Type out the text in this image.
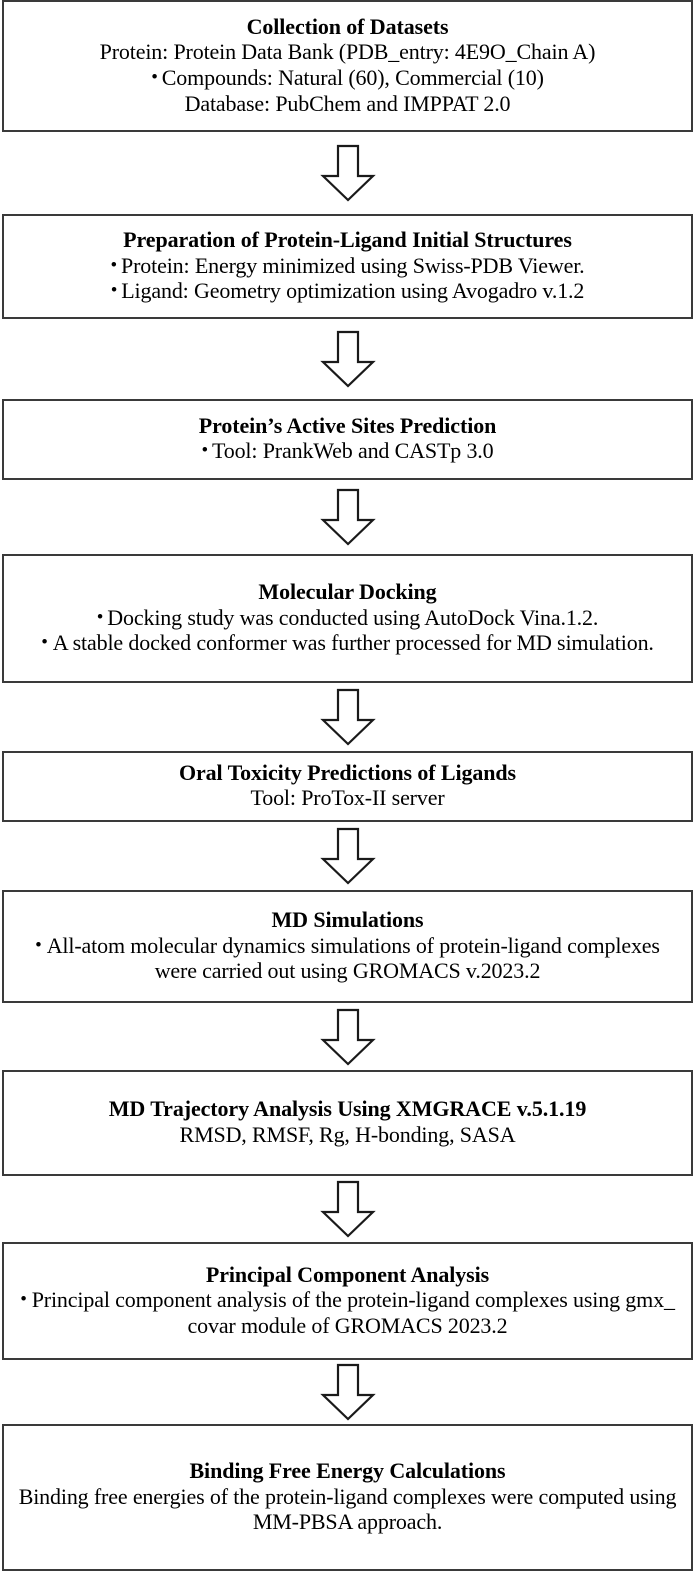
Collection of Datasets
Protein: Protein Data Bank (PDB_entry: 4E9O_Chain A)
• Compounds: Natural (60), Commercial (10)
Database: PubChem and IMPPAT 2.0
Preparation of Protein-Ligand Initial Structures
• Protein: Energy minimized using Swiss-PDB Viewer.
• Ligand: Geometry optimization using Avogadro v.1.2
Protein’s Active Sites Prediction
• Tool: PrankWeb and CASTp 3.0
Molecular Docking
• Docking study was conducted using AutoDock Vina.1.2.
• A stable docked conformer was further processed for MD simulation.
Oral Toxicity Predictions of Ligands
Tool: ProTox-II server
MD Simulations
• All-atom molecular dynamics simulations of protein-ligand complexes were carried out using GROMACS v.2023.2
MD Trajectory Analysis Using XMGRACE v.5.1.19
RMSD, RMSF, Rg, H-bonding, SASA
Principal Component Analysis
• Principal component analysis of the protein-ligand complexes using gmx_ covar module of GROMACS 2023.2
Binding Free Energy Calculations
Binding free energies of the protein-ligand complexes were computed using MM-PBSA approach.
